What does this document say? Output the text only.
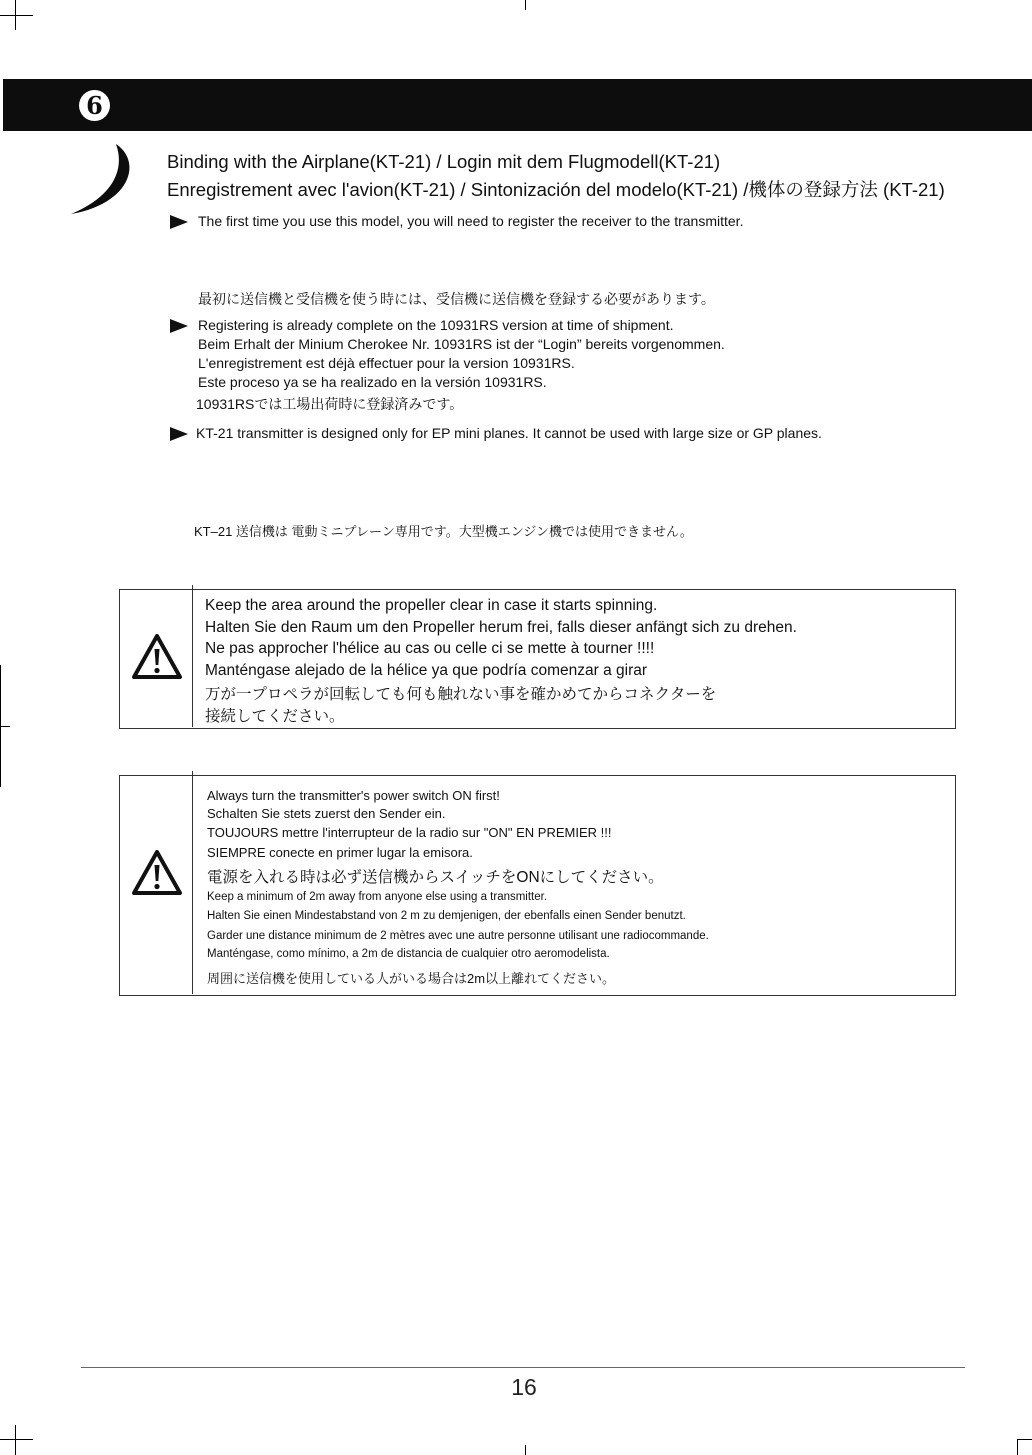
6
Binding with the Airplane(KT-21) / Login mit dem Flugmodell(KT-21)
Enregistrement avec l'avion(KT-21) / Sintonización del modelo(KT-21) /機体の登録方法 (KT-21)
The first time you use this model, you will need to register the receiver to the transmitter.
最初に送信機と受信機を使う時には、受信機に送信機を登録する必要があります。
Registering is already complete on the 10931RS version at time of shipment.
Beim Erhalt der Minium Cherokee Nr. 10931RS ist der “Login” bereits vorgenommen.
L'enregistrement est déjà effectuer pour la version 10931RS.
Este proceso ya se ha realizado en la versión 10931RS.
10931RSでは工場出荷時に登録済みです。
KT-21 transmitter is designed only for EP mini planes. It cannot be used with large size or GP planes.
KT–21 送信機は 電動ミニプレーン専用です。大型機エンジン機では使用できません。
Keep the area around the propeller clear in case it starts spinning.
Halten Sie den Raum um den Propeller herum frei, falls dieser anfängt sich zu drehen.
Ne pas approcher l'hélice au cas ou celle ci se mette à tourner !!!!
Manténgase alejado de la hélice ya que podría comenzar a girar
万が一プロペラが回転しても何も触れない事を確かめてからコネクターを
接続してください。
Always turn the transmitter's power switch ON first!
Schalten Sie stets zuerst den Sender ein.
TOUJOURS mettre l'interrupteur de la radio sur "ON" EN PREMIER !!!
SIEMPRE conecte en primer lugar la emisora.
電源を入れる時は必ず送信機からスイッチをONにしてください。
Keep a minimum of 2m away from anyone else using a transmitter.
Halten Sie einen Mindestabstand von 2 m zu demjenigen, der ebenfalls einen Sender benutzt.
Garder une distance minimum de 2 mètres avec une autre personne utilisant une radiocommande.
Manténgase, como mínimo, a 2m de distancia de cualquier otro aeromodelista.
周囲に送信機を使用している人がいる場合は2m以上離れてください。
16
